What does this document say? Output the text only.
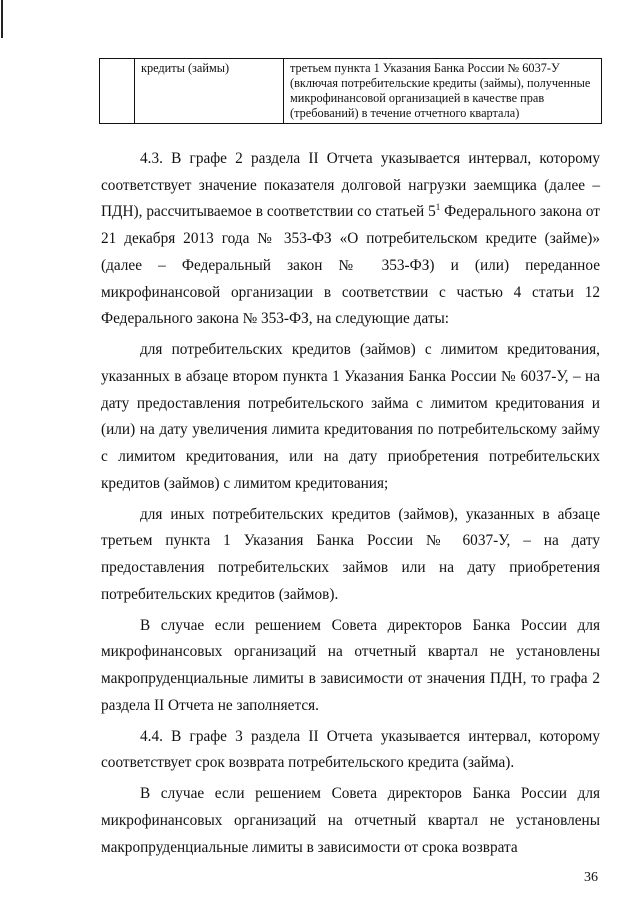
	кредиты (займы)	третьем пункта 1 Указания Банка России № 6037-У (включая потребительские кредиты (займы), полученные микрофинансовой организацией в качестве прав (требований) в течение отчетного квартала)

4.3. В графе 2 раздела II Отчета указывается интервал, которому соответствует значение показателя долговой нагрузки заемщика (далее – ПДН), рассчитываемое в соответствии со статьей $5^1$ Федерального закона от 21 декабря 2013 года № 353-ФЗ «О потребительском кредите (займе)» (далее – Федеральный закон № 353-ФЗ) и (или) переданное микрофинансовой организации в соответствии с частью 4 статьи 12 Федерального закона № 353-ФЗ, на следующие даты:

для потребительских кредитов (займов) с лимитом кредитования, указанных в абзаце втором пункта 1 Указания Банка России № 6037-У, – на дату предоставления потребительского займа с лимитом кредитования и (или) на дату увеличения лимита кредитования по потребительскому займу с лимитом кредитования, или на дату приобретения потребительских кредитов (займов) с лимитом кредитования;

для иных потребительских кредитов (займов), указанных в абзаце третьем пункта 1 Указания Банка России № 6037-У, – на дату предоставления потребительских займов или на дату приобретения потребительских кредитов (займов).

В случае если решением Совета директоров Банка России для микрофинансовых организаций на отчетный квартал не установлены макропруденциальные лимиты в зависимости от значения ПДН, то графа 2 раздела II Отчета не заполняется.

4.4. В графе 3 раздела II Отчета указывается интервал, которому соответствует срок возврата потребительского кредита (займа).

В случае если решением Совета директоров Банка России для микрофинансовых организаций на отчетный квартал не установлены макропруденциальные лимиты в зависимости от срока возврата

36
